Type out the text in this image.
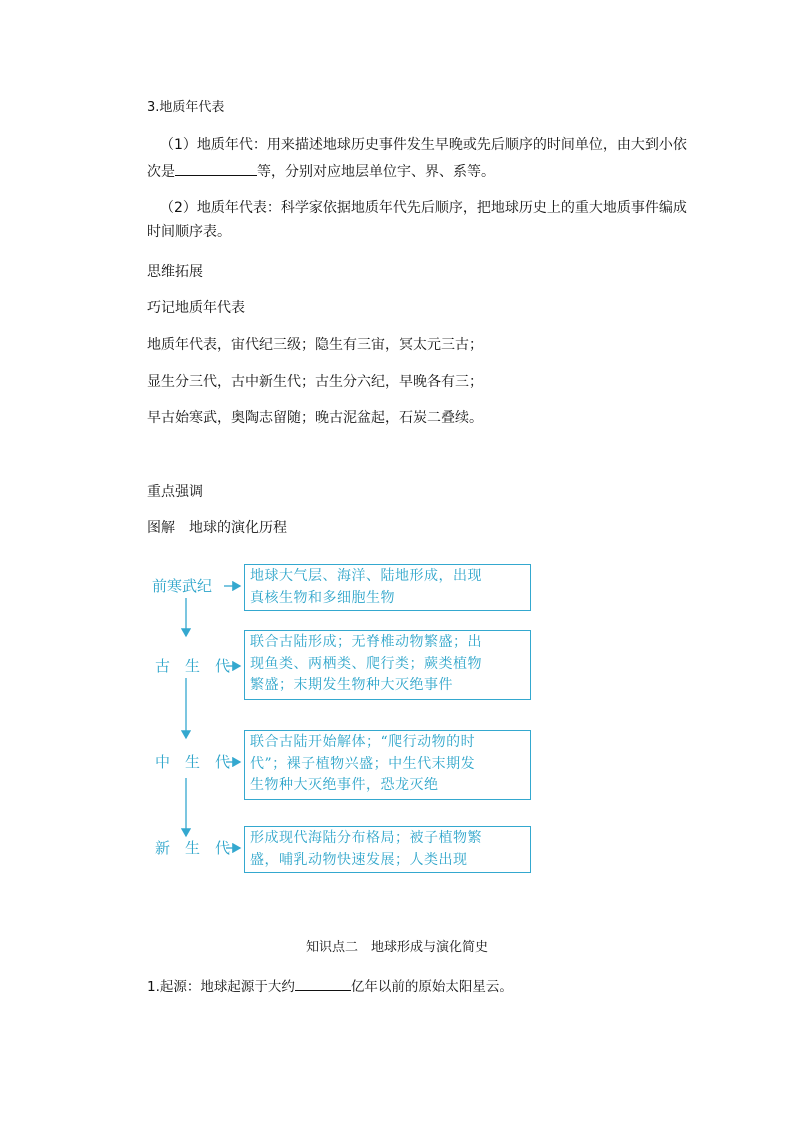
3.地质年代表
（1）地质年代：用来描述地球历史事件发生早晚或先后顺序的时间单位，由大到小依
次是	等，分别对应地层单位宇、界、系等。
（2）地质年代表：科学家依据地质年代先后顺序，把地球历史上的重大地质事件编成
时间顺序表。
思维拓展
巧记地质年代表
地质年代表，宙代纪三级；隐生有三宙，冥太元三古；
显生分三代，古中新生代；古生分六纪，早晚各有三；
早古始寒武，奥陶志留随；晚古泥盆起，石炭二叠续。
重点强调
图解　地球的演化历程
前寒武纪
地球大气层、海洋、陆地形成，出现
真核生物和多细胞生物
古　生　代
联合古陆形成；无脊椎动物繁盛；出
现鱼类、两栖类、爬行类；蕨类植物
繁盛；末期发生物种大灭绝事件
中　生　代
联合古陆开始解体；“爬行动物的时
代”；裸子植物兴盛；中生代末期发
生物种大灭绝事件，恐龙灭绝
新　生　代
形成现代海陆分布格局；被子植物繁
盛，哺乳动物快速发展；人类出现
知识点二　地球形成与演化简史
1.起源：地球起源于大约	亿年以前的原始太阳星云。
